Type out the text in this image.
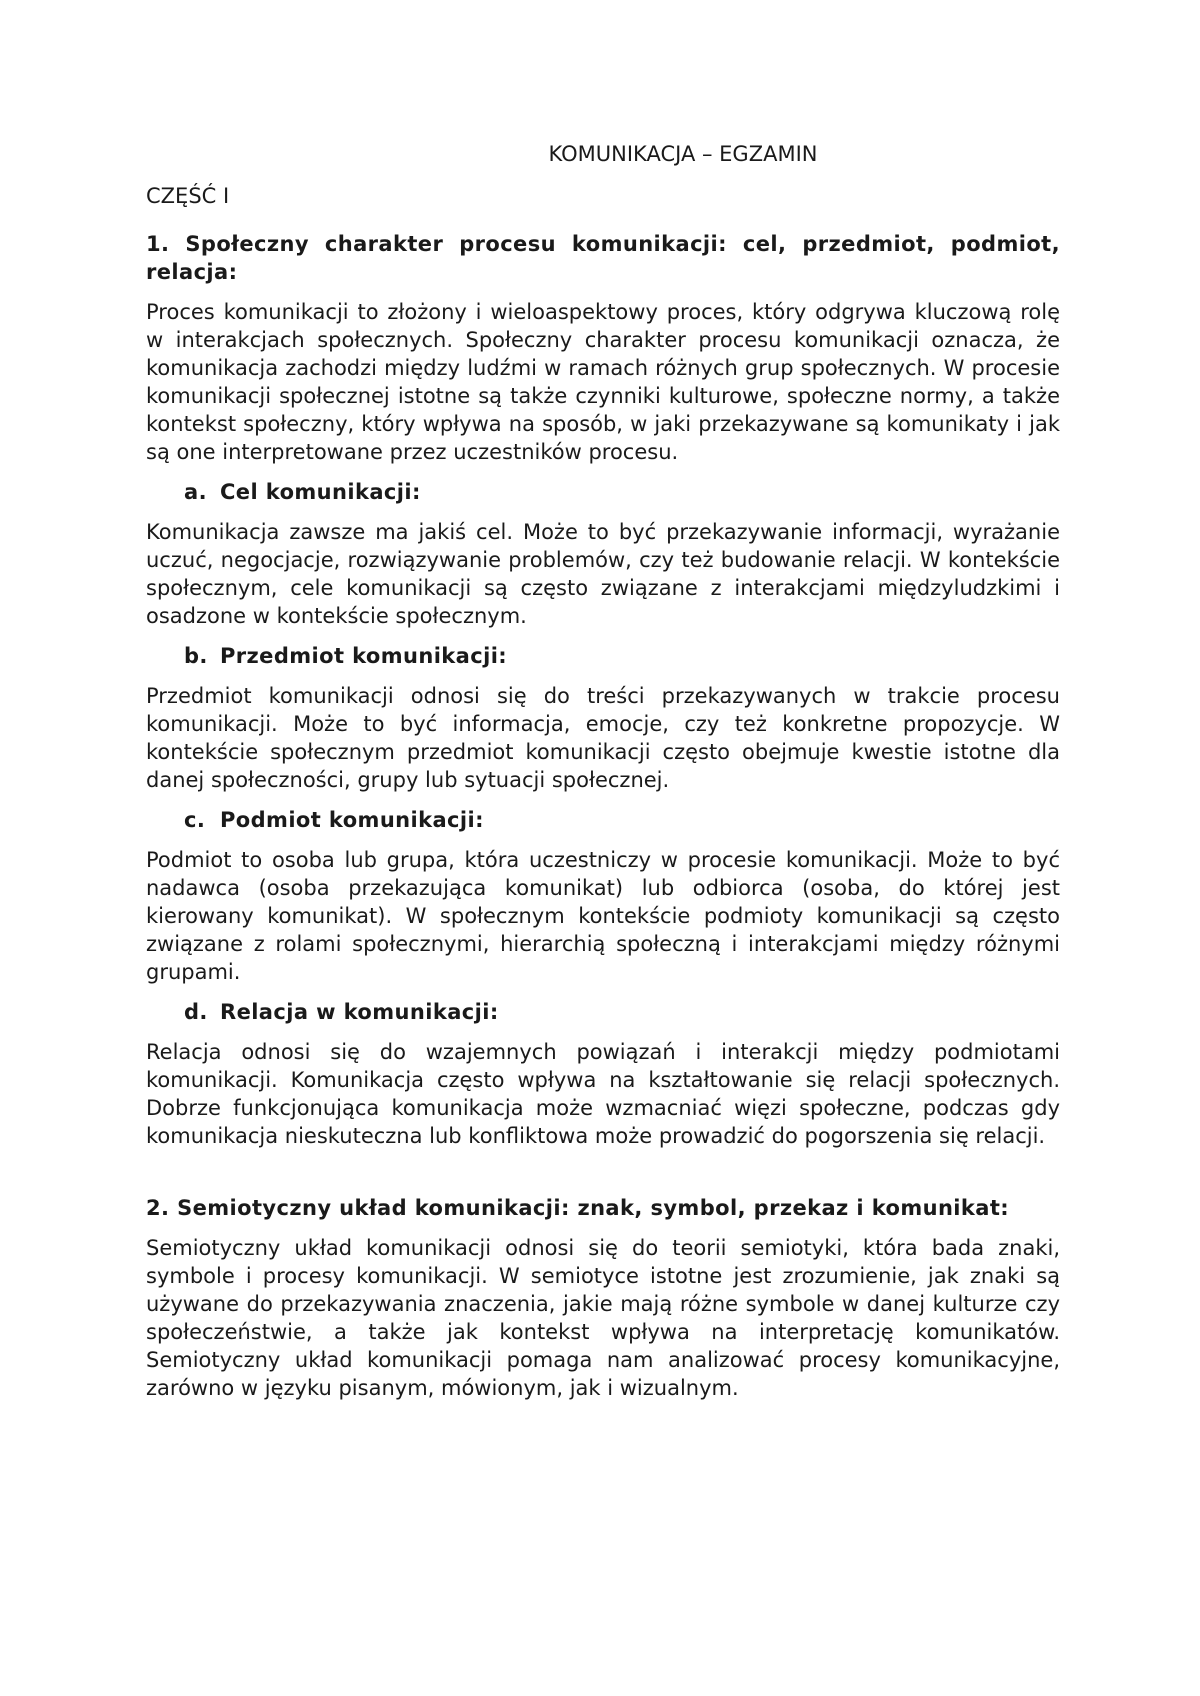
KOMUNIKACJA – EGZAMIN

CZĘŚĆ I

1. Społeczny charakter procesu komunikacji: cel, przedmiot, podmiot, relacja:

Proces komunikacji to złożony i wieloaspektowy proces, który odgrywa kluczową rolę w interakcjach społecznych. Społeczny charakter procesu komunikacji oznacza, że komunikacja zachodzi między ludźmi w ramach różnych grup społecznych. W procesie komunikacji społecznej istotne są także czynniki kulturowe, społeczne normy, a także kontekst społeczny, który wpływa na sposób, w jaki przekazywane są komunikaty i jak są one interpretowane przez uczestników procesu.

a. Cel komunikacji:

Komunikacja zawsze ma jakiś cel. Może to być przekazywanie informacji, wyrażanie uczuć, negocjacje, rozwiązywanie problemów, czy też budowanie relacji. W kontekście społecznym, cele komunikacji są często związane z interakcjami międzyludzkimi i osadzone w kontekście społecznym.

b. Przedmiot komunikacji:

Przedmiot komunikacji odnosi się do treści przekazywanych w trakcie procesu komunikacji. Może to być informacja, emocje, czy też konkretne propozycje. W kontekście społecznym przedmiot komunikacji często obejmuje kwestie istotne dla danej społeczności, grupy lub sytuacji społecznej.

c. Podmiot komunikacji:

Podmiot to osoba lub grupa, która uczestniczy w procesie komunikacji. Może to być nadawca (osoba przekazująca komunikat) lub odbiorca (osoba, do której jest kierowany komunikat). W społecznym kontekście podmioty komunikacji są często związane z rolami społecznymi, hierarchią społeczną i interakcjami między różnymi grupami.

d. Relacja w komunikacji:

Relacja odnosi się do wzajemnych powiązań i interakcji między podmiotami komunikacji. Komunikacja często wpływa na kształtowanie się relacji społecznych. Dobrze funkcjonująca komunikacja może wzmacniać więzi społeczne, podczas gdy komunikacja nieskuteczna lub konfliktowa może prowadzić do pogorszenia się relacji.

2. Semiotyczny układ komunikacji: znak, symbol, przekaz i komunikat:

Semiotyczny układ komunikacji odnosi się do teorii semiotyki, która bada znaki, symbole i procesy komunikacji. W semiotyce istotne jest zrozumienie, jak znaki są używane do przekazywania znaczenia, jakie mają różne symbole w danej kulturze czy społeczeństwie, a także jak kontekst wpływa na interpretację komunikatów. Semiotyczny układ komunikacji pomaga nam analizować procesy komunikacyjne, zarówno w języku pisanym, mówionym, jak i wizualnym.
